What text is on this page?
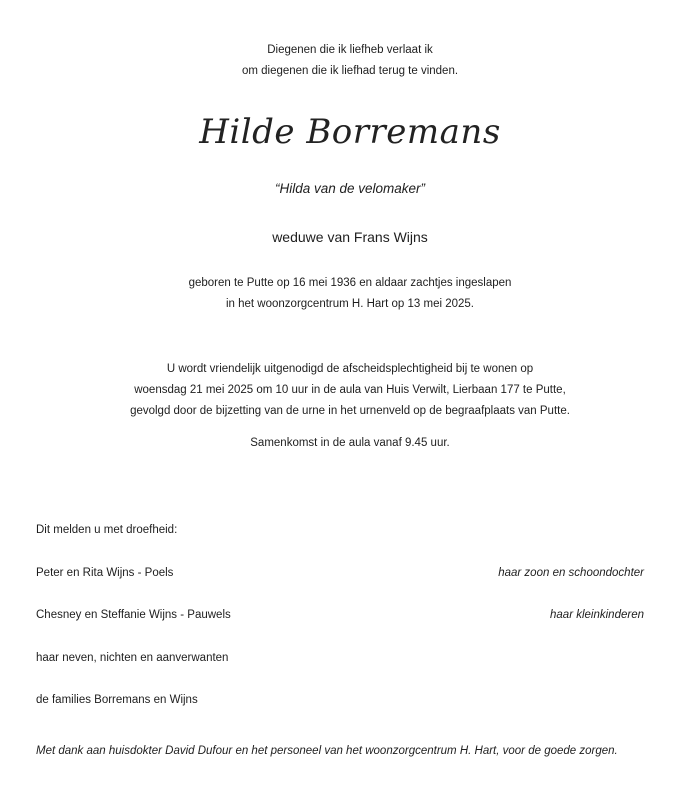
Diegenen die ik liefheb verlaat ik
om diegenen die ik liefhad terug te vinden.
Hilde Borremans
“Hilda van de velomaker”
weduwe van Frans Wijns
geboren te Putte op 16 mei 1936 en aldaar zachtjes ingeslapen
in het woonzorgcentrum H. Hart op 13 mei 2025.
U wordt vriendelijk uitgenodigd de afscheidsplechtigheid bij te wonen op
woensdag 21 mei 2025 om 10 uur in de aula van Huis Verwilt, Lierbaan 177 te Putte,
gevolgd door de bijzetting van de urne in het urnenveld op de begraafplaats van Putte.
Samenkomst in de aula vanaf 9.45 uur.
Dit melden u met droefheid:
Peter en Rita Wijns - Poels	haar zoon en schoondochter
Chesney en Steffanie Wijns - Pauwels	haar kleinkinderen
haar neven, nichten en aanverwanten
de families Borremans en Wijns
Met dank aan huisdokter David Dufour en het personeel van het woonzorgcentrum H. Hart, voor de goede zorgen.
